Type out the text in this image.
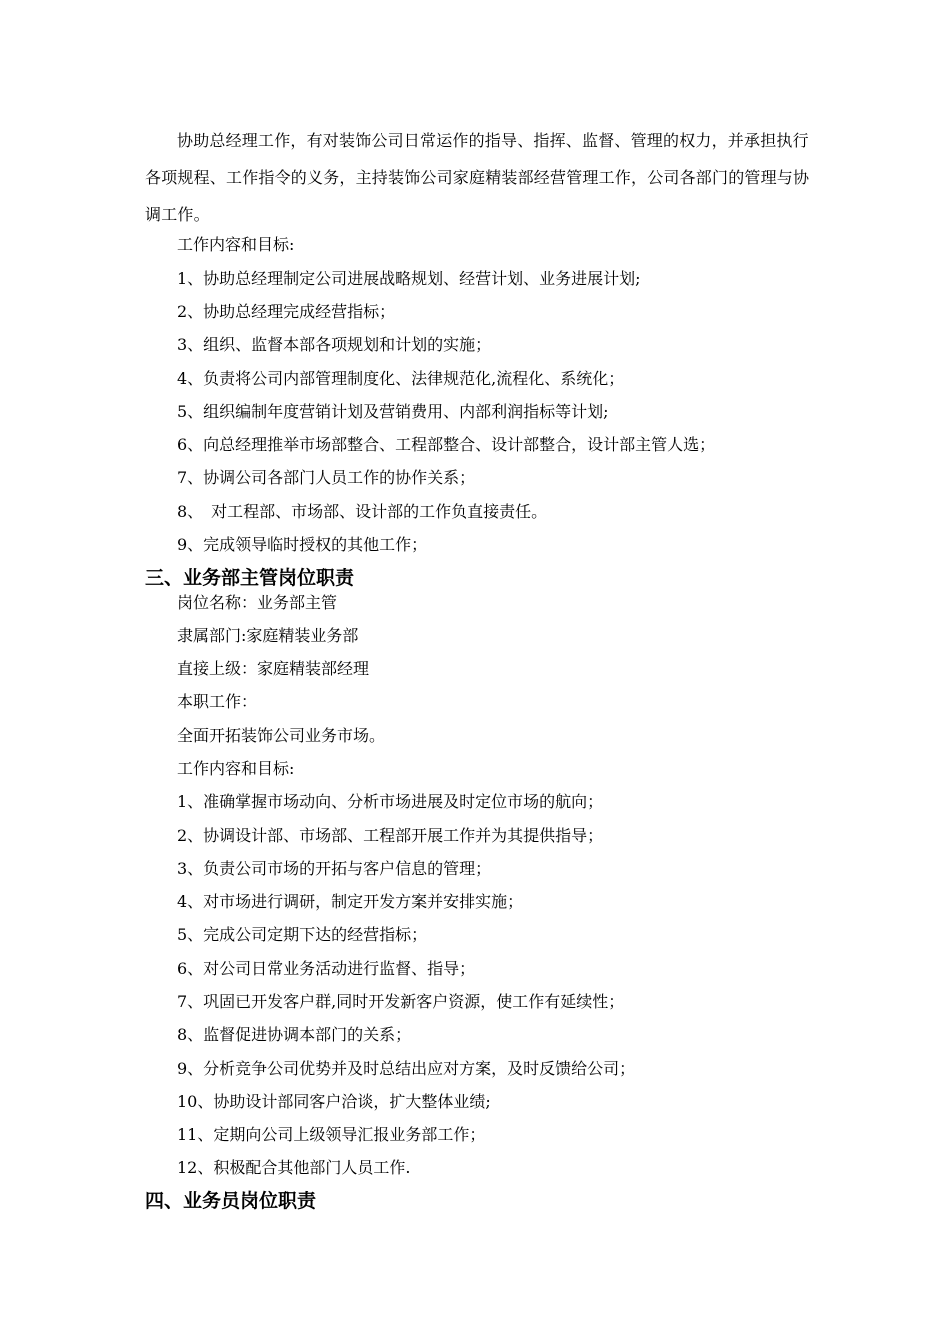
协助总经理工作，有对装饰公司日常运作的指导、指挥、监督、管理的权力，并承担执行各项规程、工作指令的义务，主持装饰公司家庭精装部经营管理工作，公司各部门的管理与协调工作。

工作内容和目标:

1、协助总经理制定公司进展战略规划、经营计划、业务进展计划;

2、协助总经理完成经营指标；

3、组织、监督本部各项规划和计划的实施；

4、负责将公司内部管理制度化、法律规范化,流程化、系统化；

5、组织编制年度营销计划及营销费用、内部利润指标等计划;

6、向总经理推举市场部整合、工程部整合、设计部整合，设计部主管人选；

7、协调公司各部门人员工作的协作关系；

8、　对工程部、市场部、设计部的工作负直接责任。

9、完成领导临时授权的其他工作；

三、业务部主管岗位职责

岗位名称：业务部主管

隶属部门:家庭精装业务部

直接上级：家庭精装部经理

本职工作：

全面开拓装饰公司业务市场。

工作内容和目标:

1、准确掌握市场动向、分析市场进展及时定位市场的航向；

2、协调设计部、市场部、工程部开展工作并为其提供指导；

3、负责公司市场的开拓与客户信息的管理；

4、对市场进行调研，制定开发方案并安排实施；

5、完成公司定期下达的经营指标；

6、对公司日常业务活动进行监督、指导；

7、巩固已开发客户群,同时开发新客户资源，使工作有延续性；

8、监督促进协调本部门的关系；

9、分析竞争公司优势并及时总结出应对方案，及时反馈给公司；

10、协助设计部同客户洽谈，扩大整体业绩;

11、定期向公司上级领导汇报业务部工作；

12、积极配合其他部门人员工作.

四、业务员岗位职责
